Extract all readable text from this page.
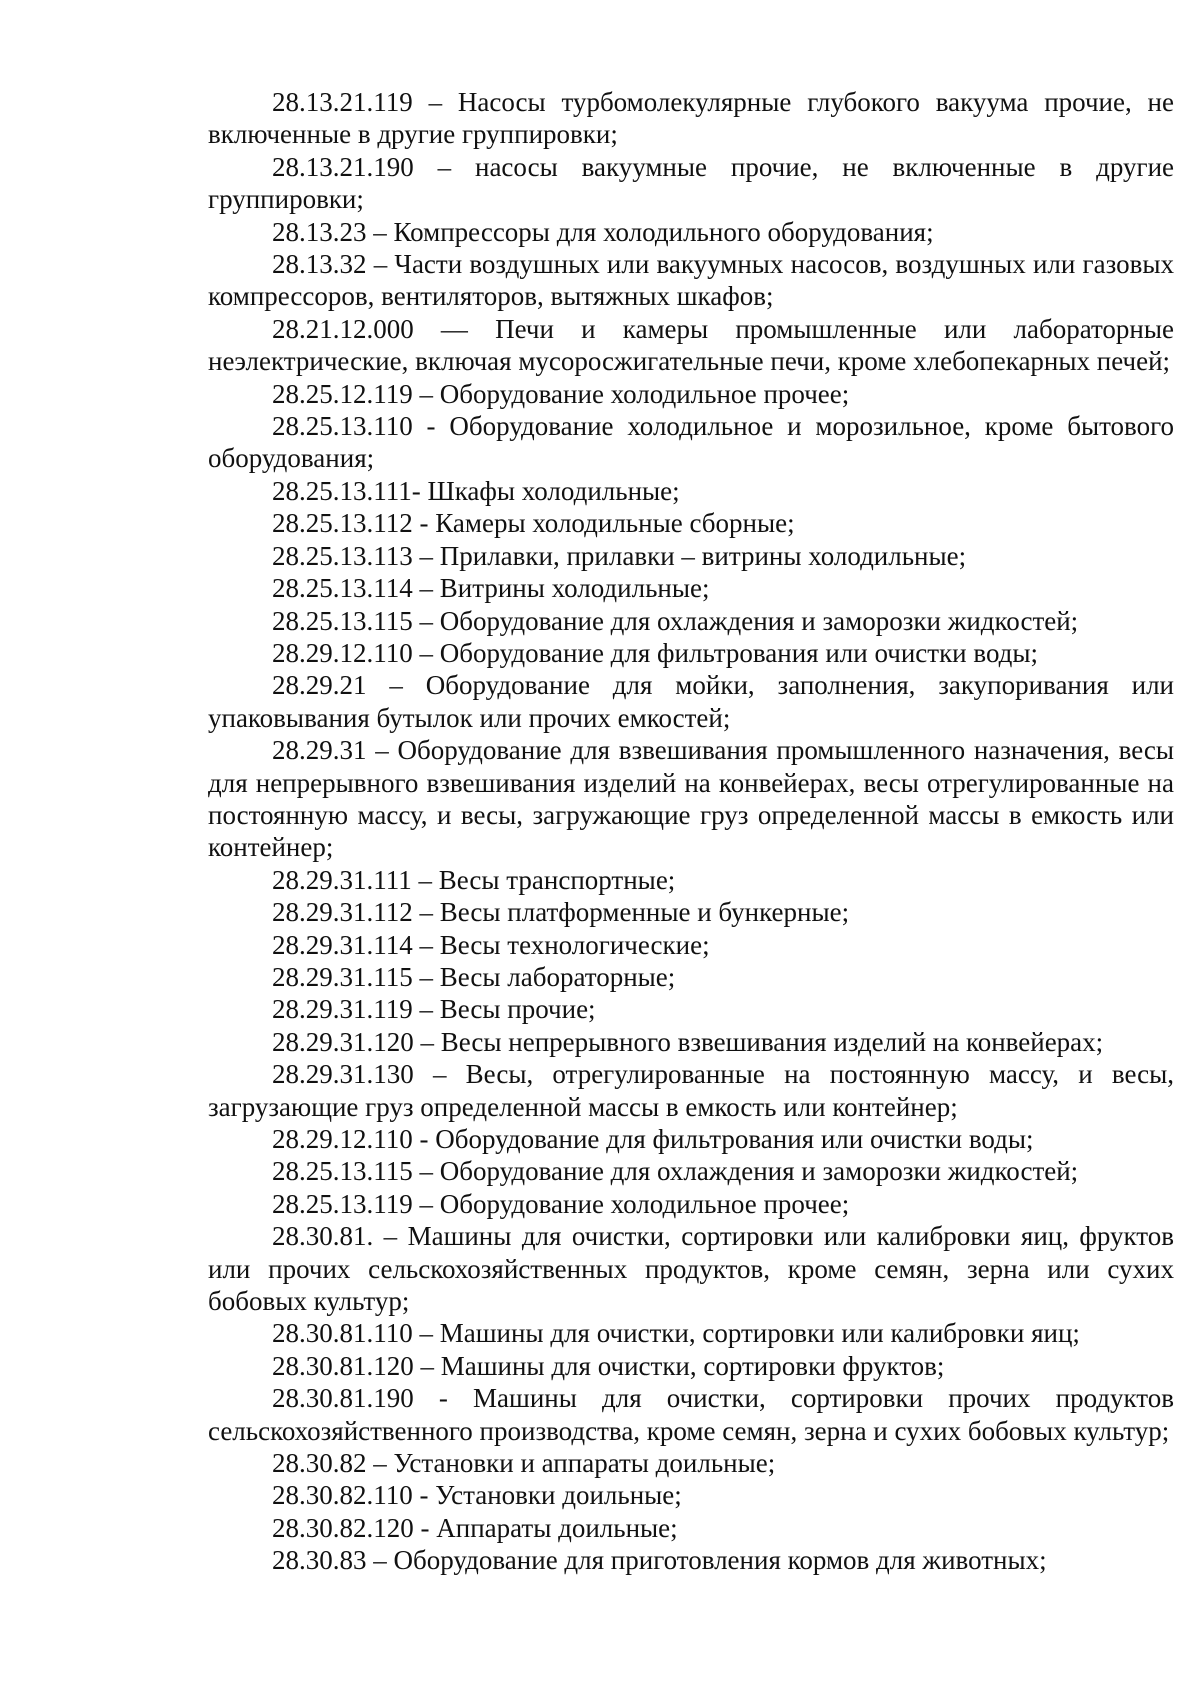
28.13.21.119 – Насосы турбомолекулярные глубокого вакуума прочие, не включенные в другие группировки;

28.13.21.190 – насосы вакуумные прочие, не включенные в другие группировки;

28.13.23 – Компрессоры для холодильного оборудования;

28.13.32 – Части воздушных или вакуумных насосов, воздушных или газовых компрессоров, вентиляторов, вытяжных шкафов;

28.21.12.000 — Печи и камеры промышленные или лабораторные неэлектрические, включая мусоросжигательные печи, кроме хлебопекарных печей;

28.25.12.119 – Оборудование холодильное прочее;

28.25.13.110 - Оборудование холодильное и морозильное, кроме бытового оборудования;

28.25.13.111- Шкафы холодильные;

28.25.13.112 - Камеры холодильные сборные;

28.25.13.113 – Прилавки, прилавки – витрины холодильные;

28.25.13.114 – Витрины холодильные;

28.25.13.115 – Оборудование для охлаждения и заморозки жидкостей;

28.29.12.110 – Оборудование для фильтрования или очистки воды;

28.29.21 – Оборудование для мойки, заполнения, закупоривания или упаковывания бутылок или прочих емкостей;

28.29.31 – Оборудование для взвешивания промышленного назначения, весы для непрерывного взвешивания изделий на конвейерах, весы отрегулированные на постоянную массу, и весы, загружающие груз определенной массы в емкость или контейнер;

28.29.31.111 – Весы транспортные;

28.29.31.112 – Весы платформенные и бункерные;

28.29.31.114 – Весы технологические;

28.29.31.115 – Весы лабораторные;

28.29.31.119 – Весы прочие;

28.29.31.120 – Весы непрерывного взвешивания изделий на конвейерах;

28.29.31.130 – Весы, отрегулированные на постоянную массу, и весы, загрузающие груз определенной массы в емкость или контейнер;

28.29.12.110 - Оборудование для фильтрования или очистки воды;

28.25.13.115 – Оборудование для охлаждения и заморозки жидкостей;

28.25.13.119 – Оборудование холодильное прочее;

28.30.81. – Машины для очистки, сортировки или калибровки яиц, фруктов или прочих сельскохозяйственных продуктов, кроме семян, зерна или сухих бобовых культур;

28.30.81.110 – Машины для очистки, сортировки или калибровки яиц;

28.30.81.120 – Машины для очистки, сортировки фруктов;

28.30.81.190 - Машины для очистки, сортировки прочих продуктов сельскохозяйственного производства, кроме семян, зерна и сухих бобовых культур;

28.30.82 – Установки и аппараты доильные;

28.30.82.110 - Установки доильные;

28.30.82.120 - Аппараты доильные;

28.30.83 – Оборудование для приготовления кормов для животных;
